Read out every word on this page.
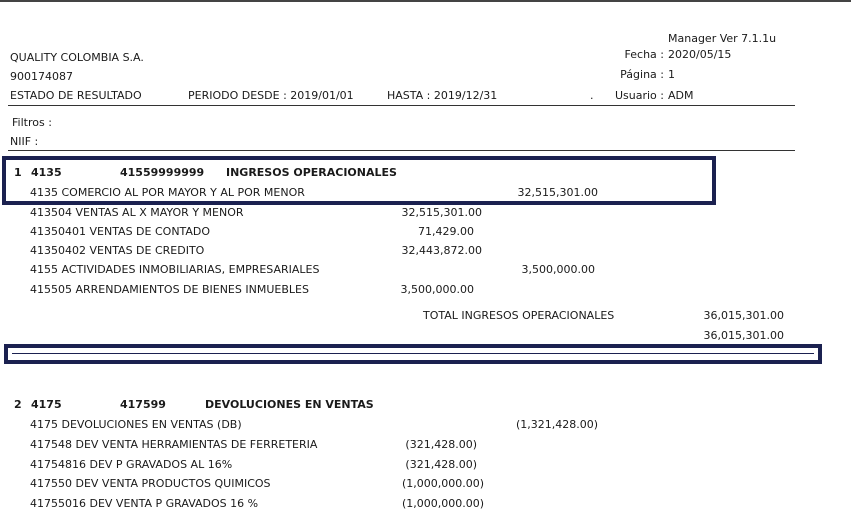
QUALITY COLOMBIA S.A.
900174087
ESTADO DE RESULTADO	PERIODO DESDE : 2019/01/01	HASTA : 2019/12/31	.
Manager Ver 7.1.1u
Fecha : 2020/05/15
Página : 1
Usuario : ADM
Filtros :
NIIF :
1 4135	41559999999 INGRESOS OPERACIONALES
4135 COMERCIO AL POR MAYOR Y AL POR MENOR	32,515,301.00
413504 VENTAS AL X MAYOR Y MENOR	32,515,301.00
41350401 VENTAS DE CONTADO	71,429.00
41350402 VENTAS DE CREDITO	32,443,872.00
4155 ACTIVIDADES INMOBILIARIAS, EMPRESARIALES	3,500,000.00
415505 ARRENDAMIENTOS DE BIENES INMUEBLES	3,500,000.00
TOTAL INGRESOS OPERACIONALES	36,015,301.00
36,015,301.00
2 4175	417599	DEVOLUCIONES EN VENTAS
4175 DEVOLUCIONES EN VENTAS (DB)	(1,321,428.00)
417548 DEV VENTA HERRAMIENTAS DE FERRETERIA	(321,428.00)
41754816 DEV P GRAVADOS AL 16%	(321,428.00)
417550 DEV VENTA PRODUCTOS QUIMICOS	(1,000,000.00)
41755016 DEV VENTA P GRAVADOS 16 %	(1,000,000.00)
